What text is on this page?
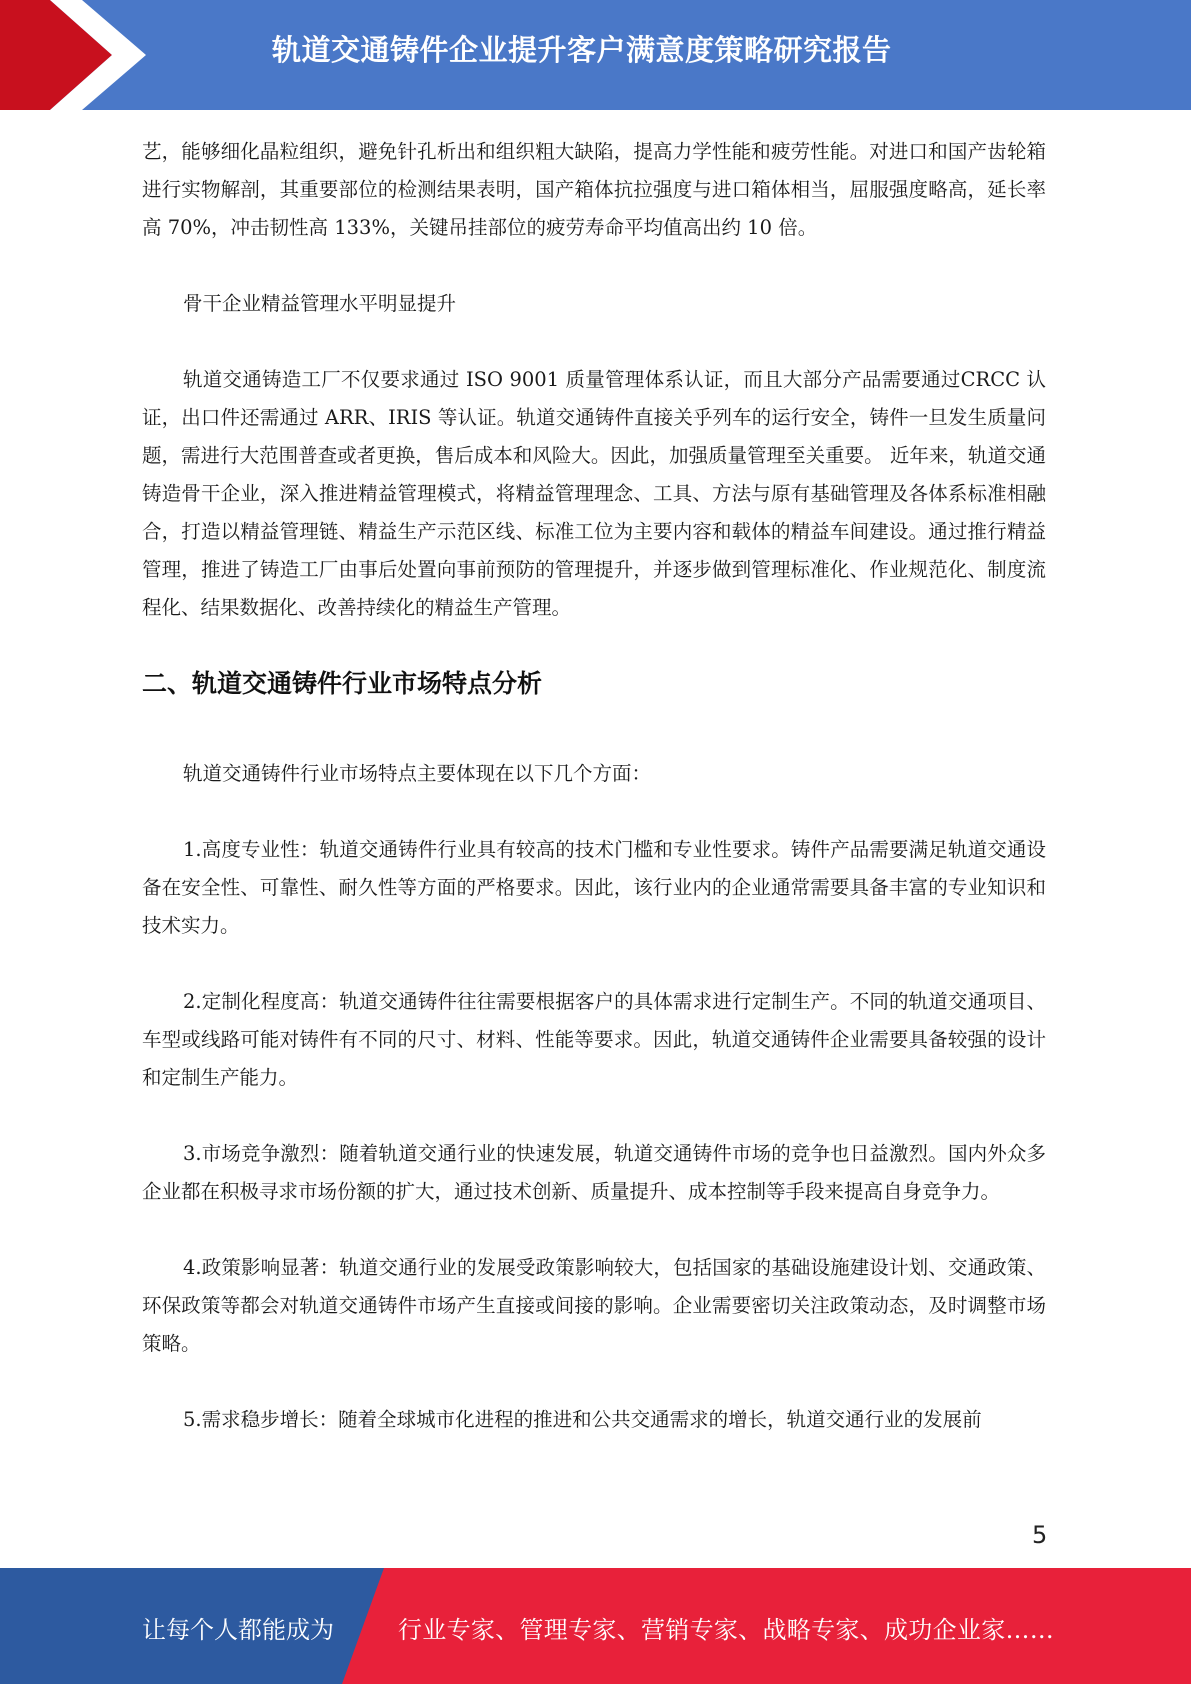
轨道交通铸件企业提升客户满意度策略研究报告

艺，能够细化晶粒组织，避免针孔析出和组织粗大缺陷，提高力学性能和疲劳性能。对进口和国产齿轮箱进行实物解剖，其重要部位的检测结果表明，国产箱体抗拉强度与进口箱体相当，屈服强度略高，延长率高 70%，冲击韧性高 133%，关键吊挂部位的疲劳寿命平均值高出约 10 倍。

骨干企业精益管理水平明显提升

轨道交通铸造工厂不仅要求通过 ISO 9001 质量管理体系认证，而且大部分产品需要通过CRCC 认证，出口件还需通过 ARR、IRIS 等认证。轨道交通铸件直接关乎列车的运行安全，铸件一旦发生质量问题，需进行大范围普查或者更换，售后成本和风险大。因此，加强质量管理至关重要。 近年来，轨道交通铸造骨干企业，深入推进精益管理模式，将精益管理理念、工具、方法与原有基础管理及各体系标准相融合，打造以精益管理链、精益生产示范区线、标准工位为主要内容和载体的精益车间建设。通过推行精益管理，推进了铸造工厂由事后处置向事前预防的管理提升，并逐步做到管理标准化、作业规范化、制度流程化、结果数据化、改善持续化的精益生产管理。

二、轨道交通铸件行业市场特点分析

轨道交通铸件行业市场特点主要体现在以下几个方面：

1.高度专业性：轨道交通铸件行业具有较高的技术门槛和专业性要求。铸件产品需要满足轨道交通设备在安全性、可靠性、耐久性等方面的严格要求。因此，该行业内的企业通常需要具备丰富的专业知识和技术实力。

2.定制化程度高：轨道交通铸件往往需要根据客户的具体需求进行定制生产。不同的轨道交通项目、车型或线路可能对铸件有不同的尺寸、材料、性能等要求。因此，轨道交通铸件企业需要具备较强的设计和定制生产能力。

3.市场竞争激烈：随着轨道交通行业的快速发展，轨道交通铸件市场的竞争也日益激烈。国内外众多企业都在积极寻求市场份额的扩大，通过技术创新、质量提升、成本控制等手段来提高自身竞争力。

4.政策影响显著：轨道交通行业的发展受政策影响较大，包括国家的基础设施建设计划、交通政策、环保政策等都会对轨道交通铸件市场产生直接或间接的影响。企业需要密切关注政策动态，及时调整市场策略。

5.需求稳步增长：随着全球城市化进程的推进和公共交通需求的增长，轨道交通行业的发展前

5
让每个人都能成为	行业专家、管理专家、营销专家、战略专家、成功企业家……
